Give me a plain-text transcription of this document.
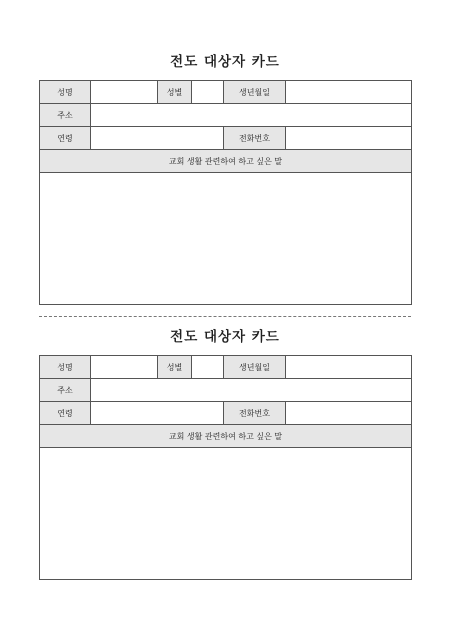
전도 대상자 카드
성명		성별		생년월일	
주소					
연령				전화번호	
교회 생활 관련하여 하고 싶은 말					

전도 대상자 카드
성명		성별		생년월일	
주소					
연령				전화번호	
교회 생활 관련하여 하고 싶은 말					
